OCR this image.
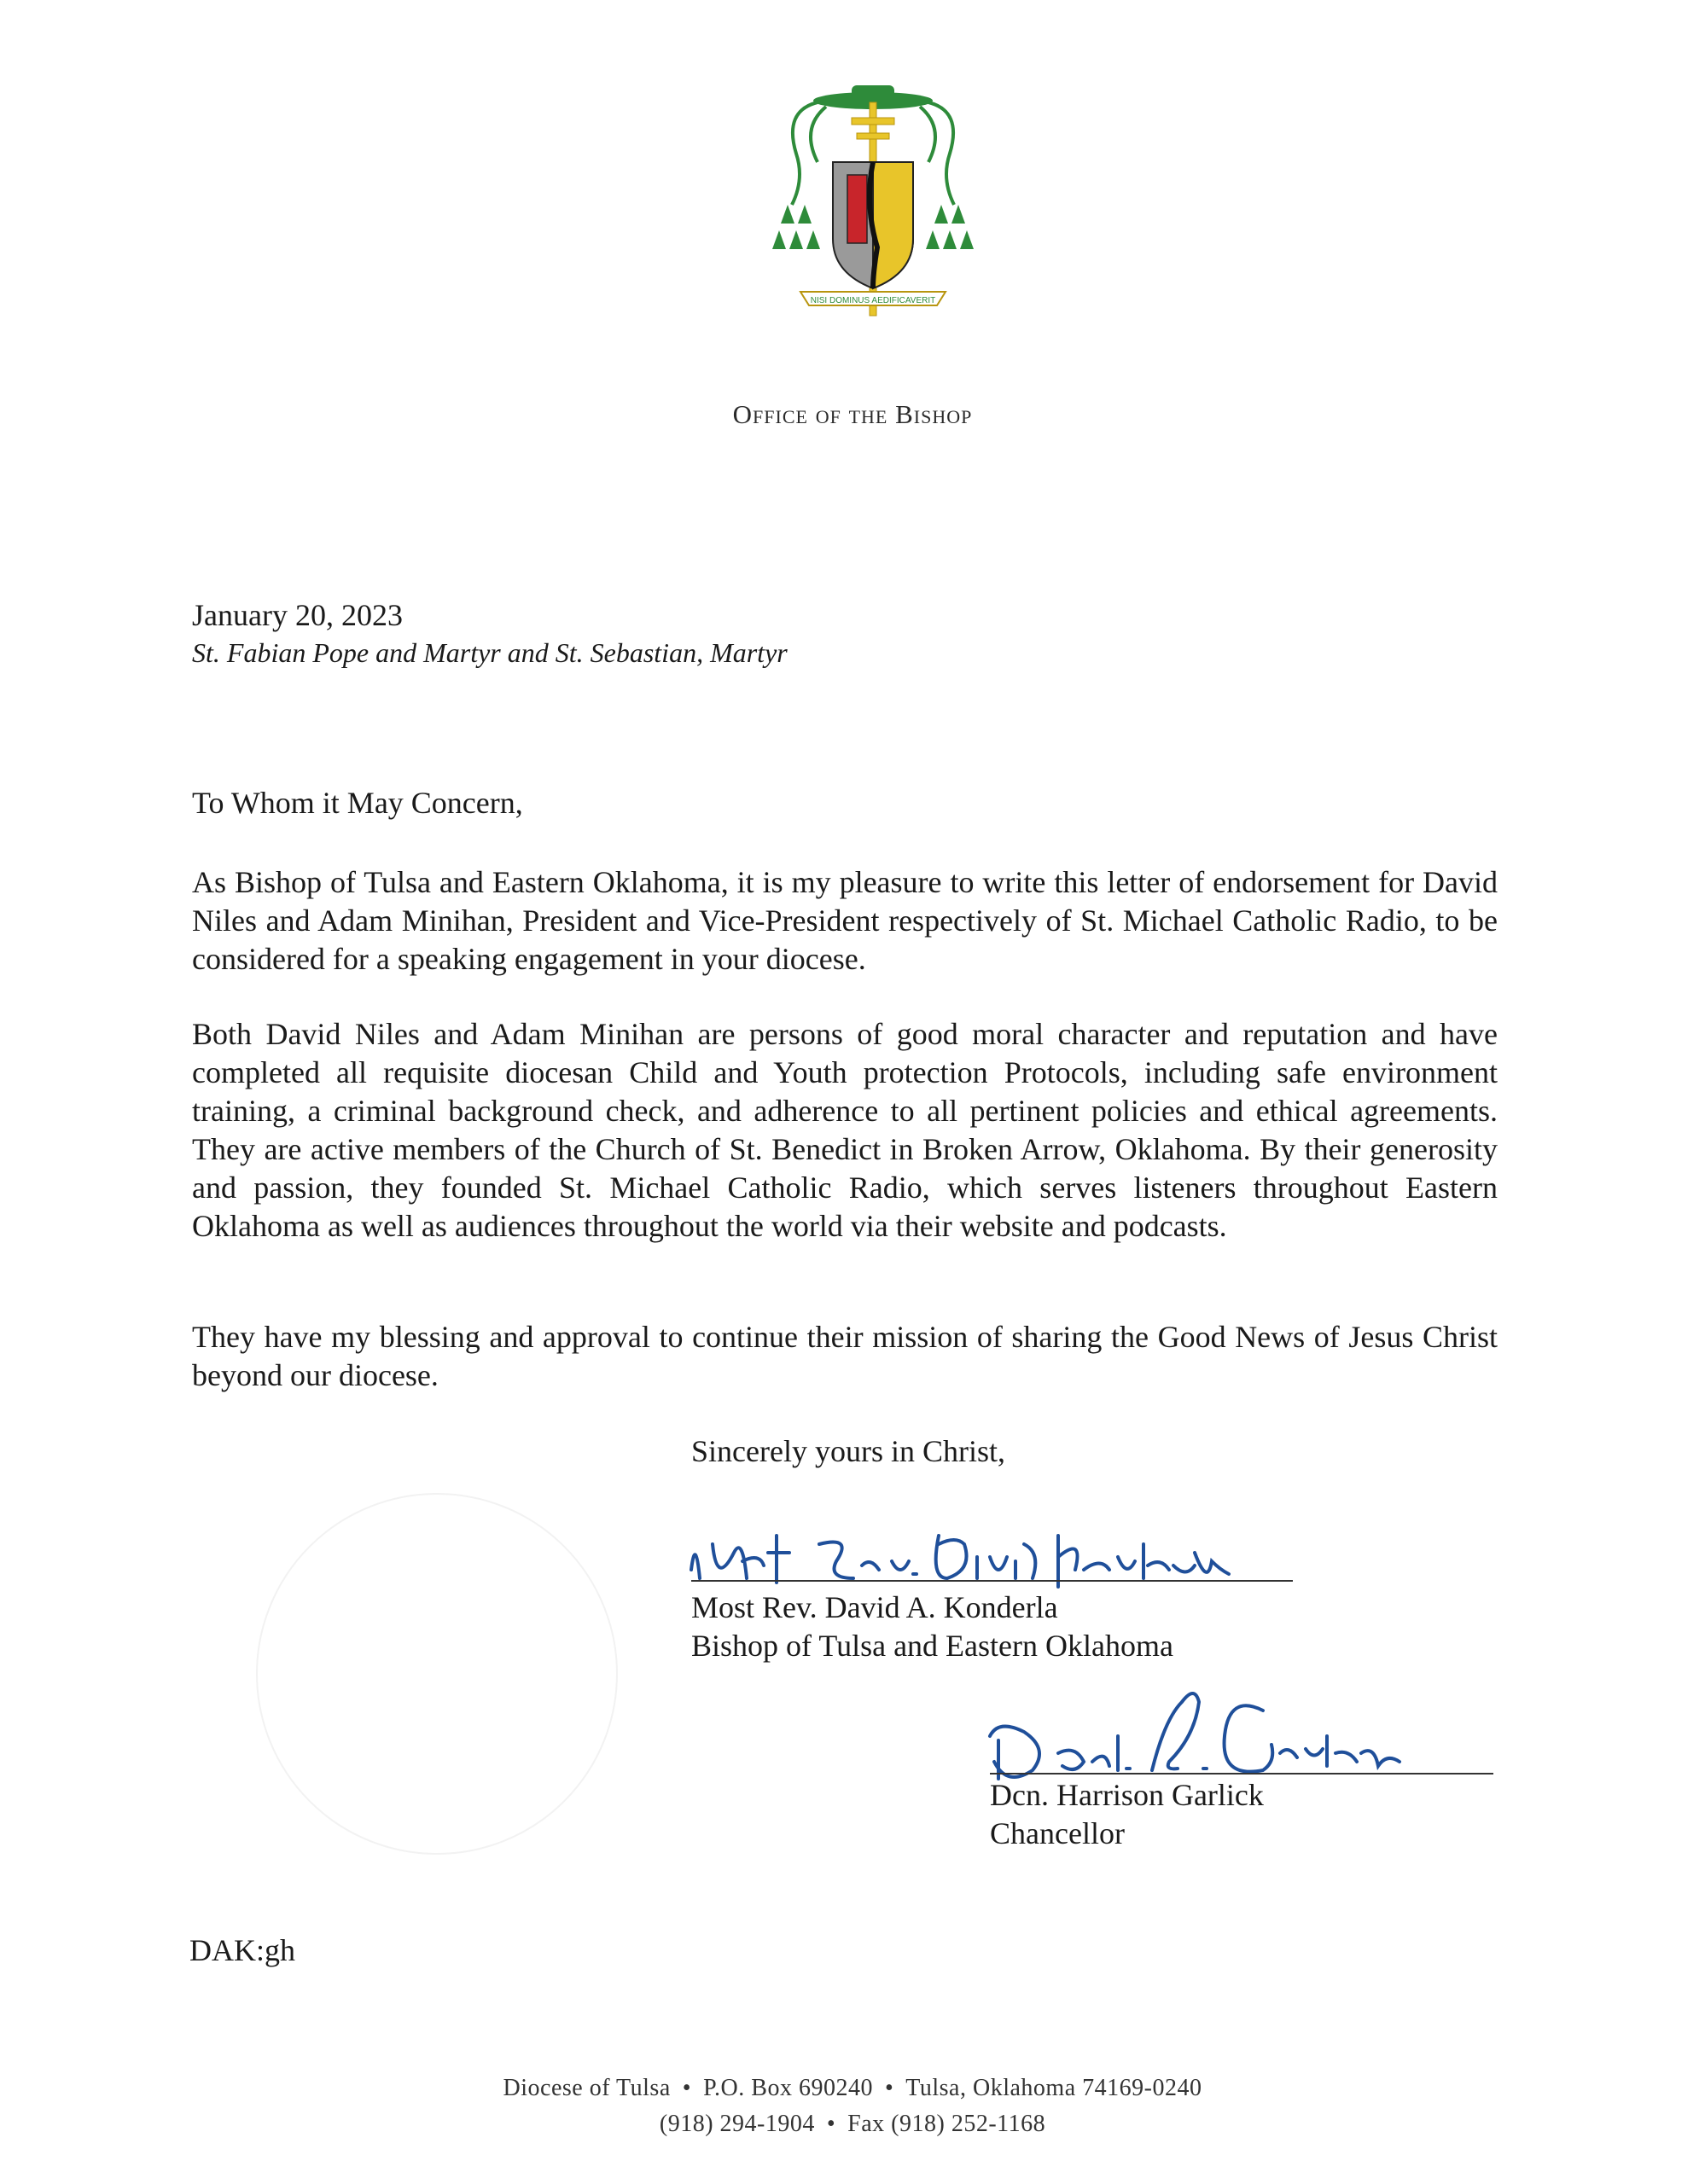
NISI DOMINUS AEDIFICAVERIT
Office of the Bishop
January 20, 2023
St. Fabian Pope and Martyr and St. Sebastian, Martyr
To Whom it May Concern,
As Bishop of Tulsa and Eastern Oklahoma, it is my pleasure to write this letter of endorsement for David Niles and Adam Minihan, President and Vice-President respectively of St. Michael Catholic Radio, to be considered for a speaking engagement in your diocese.
Both David Niles and Adam Minihan are persons of good moral character and reputation and have completed all requisite diocesan Child and Youth protection Protocols, including safe environment training, a criminal background check, and adherence to all pertinent policies and ethical agreements. They are active members of the Church of St. Benedict in Broken Arrow, Oklahoma. By their generosity and passion, they founded St. Michael Catholic Radio, which serves listeners throughout Eastern Oklahoma as well as audiences throughout the world via their website and podcasts.
They have my blessing and approval to continue their mission of sharing the Good News of Jesus Christ beyond our diocese.
Sincerely yours in Christ,
Most Rev. David A. Konderla
Bishop of Tulsa and Eastern Oklahoma
Dcn. Harrison Garlick
Chancellor
DAK:gh
Diocese of Tulsa • P.O. Box 690240 • Tulsa, Oklahoma 74169-0240
(918) 294-1904 • Fax (918) 252-1168
